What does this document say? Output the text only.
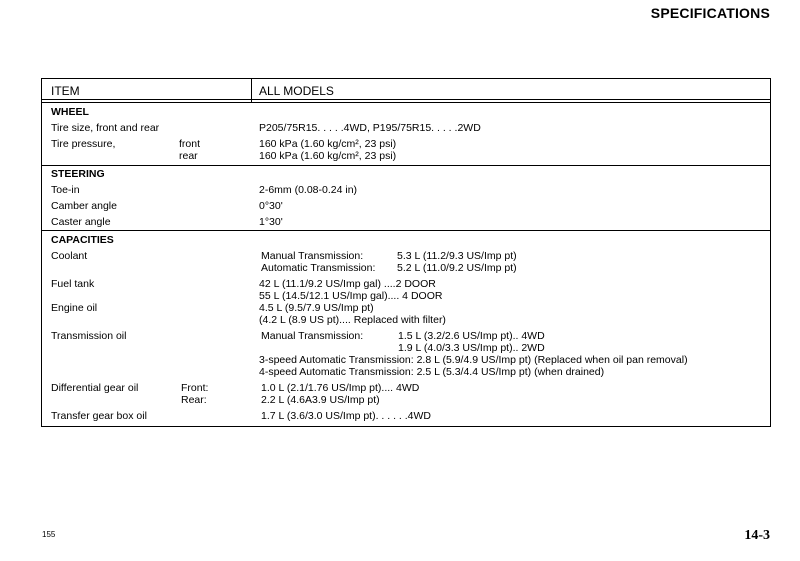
SPECIFICATIONS
ITEM	ALL MODELS
WHEEL
Tire size, front and rear	P205/75R15. . . . .4WD, P195/75R15. . . . .2WD
Tire pressure,	front	160 kPa (1.60 kg/cm², 23 psi)
rear	160 kPa (1.60 kg/cm², 23 psi)
STEERING
Toe-in	2-6mm (0.08-0.24 in)
Camber angle	0°30'
Caster angle	1°30'
CAPACITIES
Coolant	Manual Transmission:	5.3 L (11.2/9.3 US/Imp pt)
Automatic Transmission: 5.2 L (11.0/9.2 US/Imp pt)
Fuel tank	42 L (11.1/9.2 US/Imp gal) ....2 DOOR
55 L (14.5/12.1 US/Imp gal).... 4 DOOR
Engine oil	4.5 L (9.5/7.9 US/Imp pt)
(4.2 L (8.9 US pt).... Replaced with filter)
Transmission oil	Manual Transmission:	1.5 L (3.2/2.6 US/Imp pt).. 4WD
1.9 L (4.0/3.3 US/Imp pt).. 2WD
3-speed Automatic Transmission: 2.8 L (5.9/4.9 US/Imp pt) (Replaced when oil pan removal)
4-speed Automatic Transmission: 2.5 L (5.3/4.4 US/Imp pt) (when drained)
Differential gear oil	Front:	1.0 L (2.1/1.76 US/Imp pt).... 4WD
Rear:	2.2 L (4.6A3.9 US/Imp pt)
Transfer gear box oil	1.7 L (3.6/3.0 US/Imp pt). . . . . .4WD
155	14-3
